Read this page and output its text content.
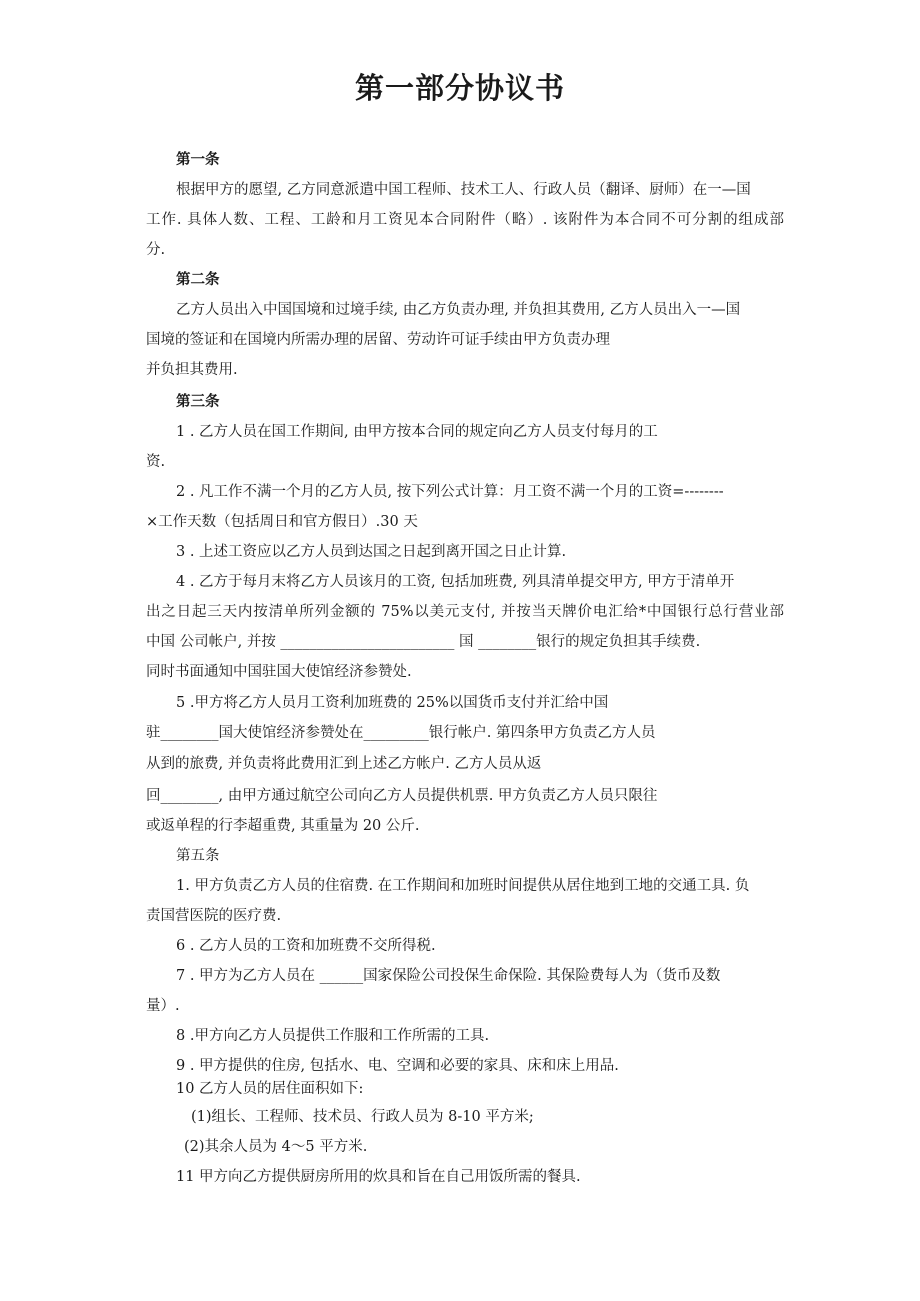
第一部分协议书

第一条

根据甲方的愿望, 乙方同意派遣中国工程师、技术工人、行政人员（翻译、厨师）在一—国

工作. 具体人数、工程、工龄和月工资见本合同附件（略）. 该附件为本合同不可分割的组成部

分.

第二条

乙方人员出入中国国境和过境手续, 由乙方负责办理, 并负担其费用, 乙方人员出入一—国

国境的签证和在国境内所需办理的居留、劳动许可证手续由甲方负责办理

并负担其费用.

第三条

1 . 乙方人员在国工作期间, 由甲方按本合同的规定向乙方人员支付每月的工

资.

2 . 凡工作不满一个月的乙方人员, 按下列公式计算：月工资不满一个月的工资=--------

×工作天数（包括周日和官方假日）.30 天

3 . 上述工资应以乙方人员到达国之日起到离开国之日止计算.

4 . 乙方于每月末将乙方人员该月的工资, 包括加班费, 列具清单提交甲方, 甲方于清单开

出之日起三天内按清单所列金额的 75%以美元支付, 并按当天牌价电汇给*中国银行总行营业部

中国 公司帐户, 并按 ________________________ 国 ________银行的规定负担其手续费.

同时书面通知中国驻国大使馆经济参赞处.

5 .甲方将乙方人员月工资利加班费的 25%以国货币支付并汇给中国

驻________国大使馆经济参赞处在_________银行帐户. 第四条甲方负责乙方人员

从到的旅费, 并负责将此费用汇到上述乙方帐户. 乙方人员从返

回________, 由甲方通过航空公司向乙方人员提供机票. 甲方负责乙方人员只限往

或返单程的行李超重费, 其重量为 20 公斤.

第五条

1. 甲方负责乙方人员的住宿费. 在工作期间和加班时间提供从居住地到工地的交通工具. 负

责国营医院的医疗费.

6 . 乙方人员的工资和加班费不交所得税.

7 . 甲方为乙方人员在 ______国家保险公司投保生命保险. 其保险费每人为（货币及数

量）.

8 .甲方向乙方人员提供工作服和工作所需的工具.

9 . 甲方提供的住房, 包括水、电、空调和必要的家具、床和床上用品.

10 乙方人员的居住面积如下:

(1)组长、工程师、技术员、行政人员为 8-10 平方米;

(2)其余人员为 4～5 平方米.

11 甲方向乙方提供厨房所用的炊具和旨在自己用饭所需的餐具.
